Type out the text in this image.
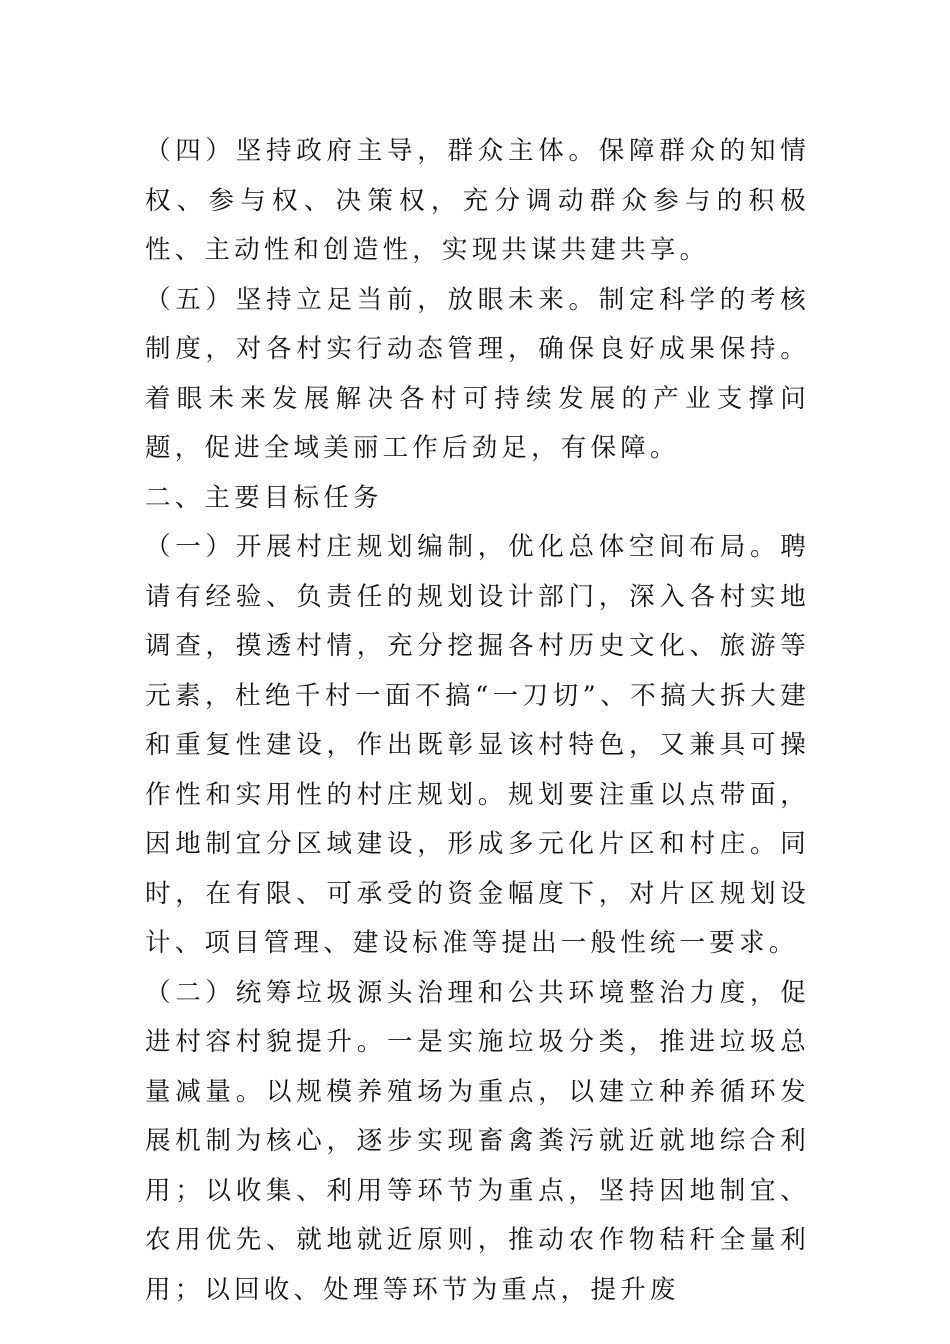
（四）坚持政府主导，群众主体。保障群众的知情权、参与权、决策权，充分调动群众参与的积极性、主动性和创造性，实现共谋共建共享。

（五）坚持立足当前，放眼未来。制定科学的考核制度，对各村实行动态管理，确保良好成果保持。着眼未来发展解决各村可持续发展的产业支撑问题，促进全域美丽工作后劲足，有保障。

二、主要目标任务

（一）开展村庄规划编制，优化总体空间布局。聘请有经验、负责任的规划设计部门，深入各村实地调查，摸透村情，充分挖掘各村历史文化、旅游等元素，杜绝千村一面不搞“一刀切”、不搞大拆大建和重复性建设，作出既彰显该村特色，又兼具可操作性和实用性的村庄规划。规划要注重以点带面，因地制宜分区域建设，形成多元化片区和村庄。同时，在有限、可承受的资金幅度下，对片区规划设计、项目管理、建设标准等提出一般性统一要求。

（二）统筹垃圾源头治理和公共环境整治力度，促进村容村貌提升。一是实施垃圾分类，推进垃圾总量减量。以规模养殖场为重点，以建立种养循环发展机制为核心，逐步实现畜禽粪污就近就地综合利用；以收集、利用等环节为重点，坚持因地制宜、农用优先、就地就近原则，推动农作物秸秆全量利用；以回收、处理等环节为重点，提升废
